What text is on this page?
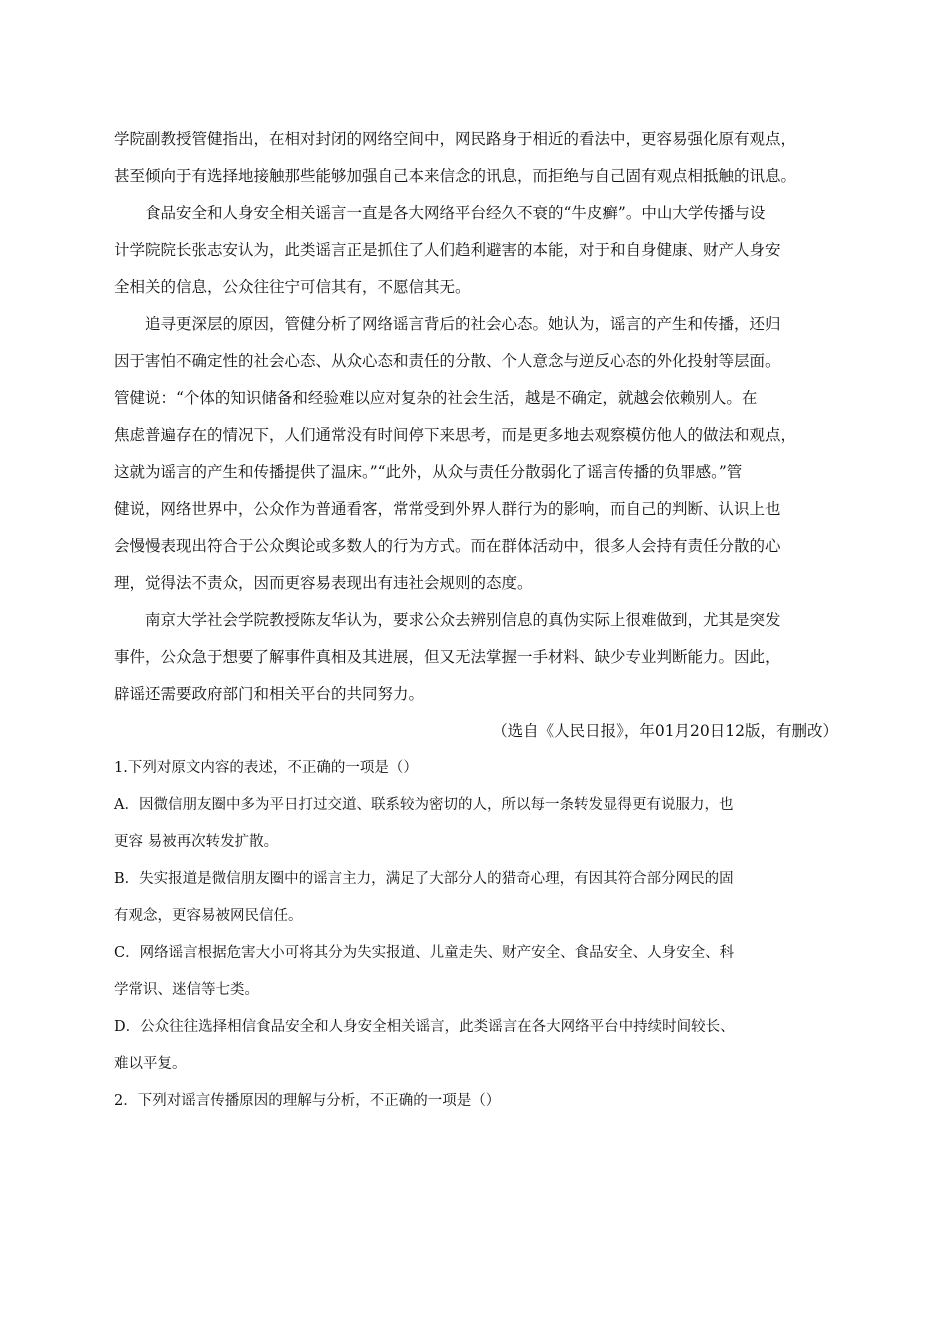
学院副教授管健指出，在相对封闭的网络空间中，网民路身于相近的看法中，更容易强化原有观点，
甚至倾向于有选择地接触那些能够加强自己本来信念的讯息，而拒绝与自己固有观点相抵触的讯息。
食品安全和人身安全相关谣言一直是各大网络平台经久不衰的“牛皮癣”。中山大学传播与设
计学院院长张志安认为，此类谣言正是抓住了人们趋利避害的本能，对于和自身健康、财产人身安
全相关的信息，公众往往宁可信其有，不愿信其无。
追寻更深层的原因，管健分析了网络谣言背后的社会心态。她认为，谣言的产生和传播，还归
因于害怕不确定性的社会心态、从众心态和责任的分散、个人意念与逆反心态的外化投射等层面。
管健说：“个体的知识储备和经验难以应对复杂的社会生活，越是不确定，就越会依赖别人。在
焦虑普遍存在的情况下，人们通常没有时间停下来思考，而是更多地去观察模仿他人的做法和观点，
这就为谣言的产生和传播提供了温床。”“此外，从众与责任分散弱化了谣言传播的负罪感。”管
健说，网络世界中，公众作为普通看客，常常受到外界人群行为的影响，而自己的判断、认识上也
会慢慢表现出符合于公众舆论或多数人的行为方式。而在群体活动中，很多人会持有责任分散的心
理，觉得法不责众，因而更容易表现出有违社会规则的态度。
南京大学社会学院教授陈友华认为，要求公众去辨别信息的真伪实际上很难做到，尤其是突发
事件，公众急于想要了解事件真相及其进展，但又无法掌握一手材料、缺少专业判断能力。因此，
辟谣还需要政府部门和相关平台的共同努力。
（选自《人民日报》，年01月20日12版，有删改）
1.下列对原文内容的表述，不正确的一项是（）
A．因微信朋友圈中多为平日打过交道、联系较为密切的人，所以每一条转发显得更有说服力，也
更容 易被再次转发扩散。
B．失实报道是微信朋友圈中的谣言主力，满足了大部分人的猎奇心理，有因其符合部分网民的固
有观念，更容易被网民信任。
C．网络谣言根据危害大小可将其分为失实报道、儿童走失、财产安全、食品安全、人身安全、科
学常识、迷信等七类。
D．公众往往选择相信食品安全和人身安全相关谣言，此类谣言在各大网络平台中持续时间较长、
难以平复。
2．下列对谣言传播原因的理解与分析，不正确的一项是（）
